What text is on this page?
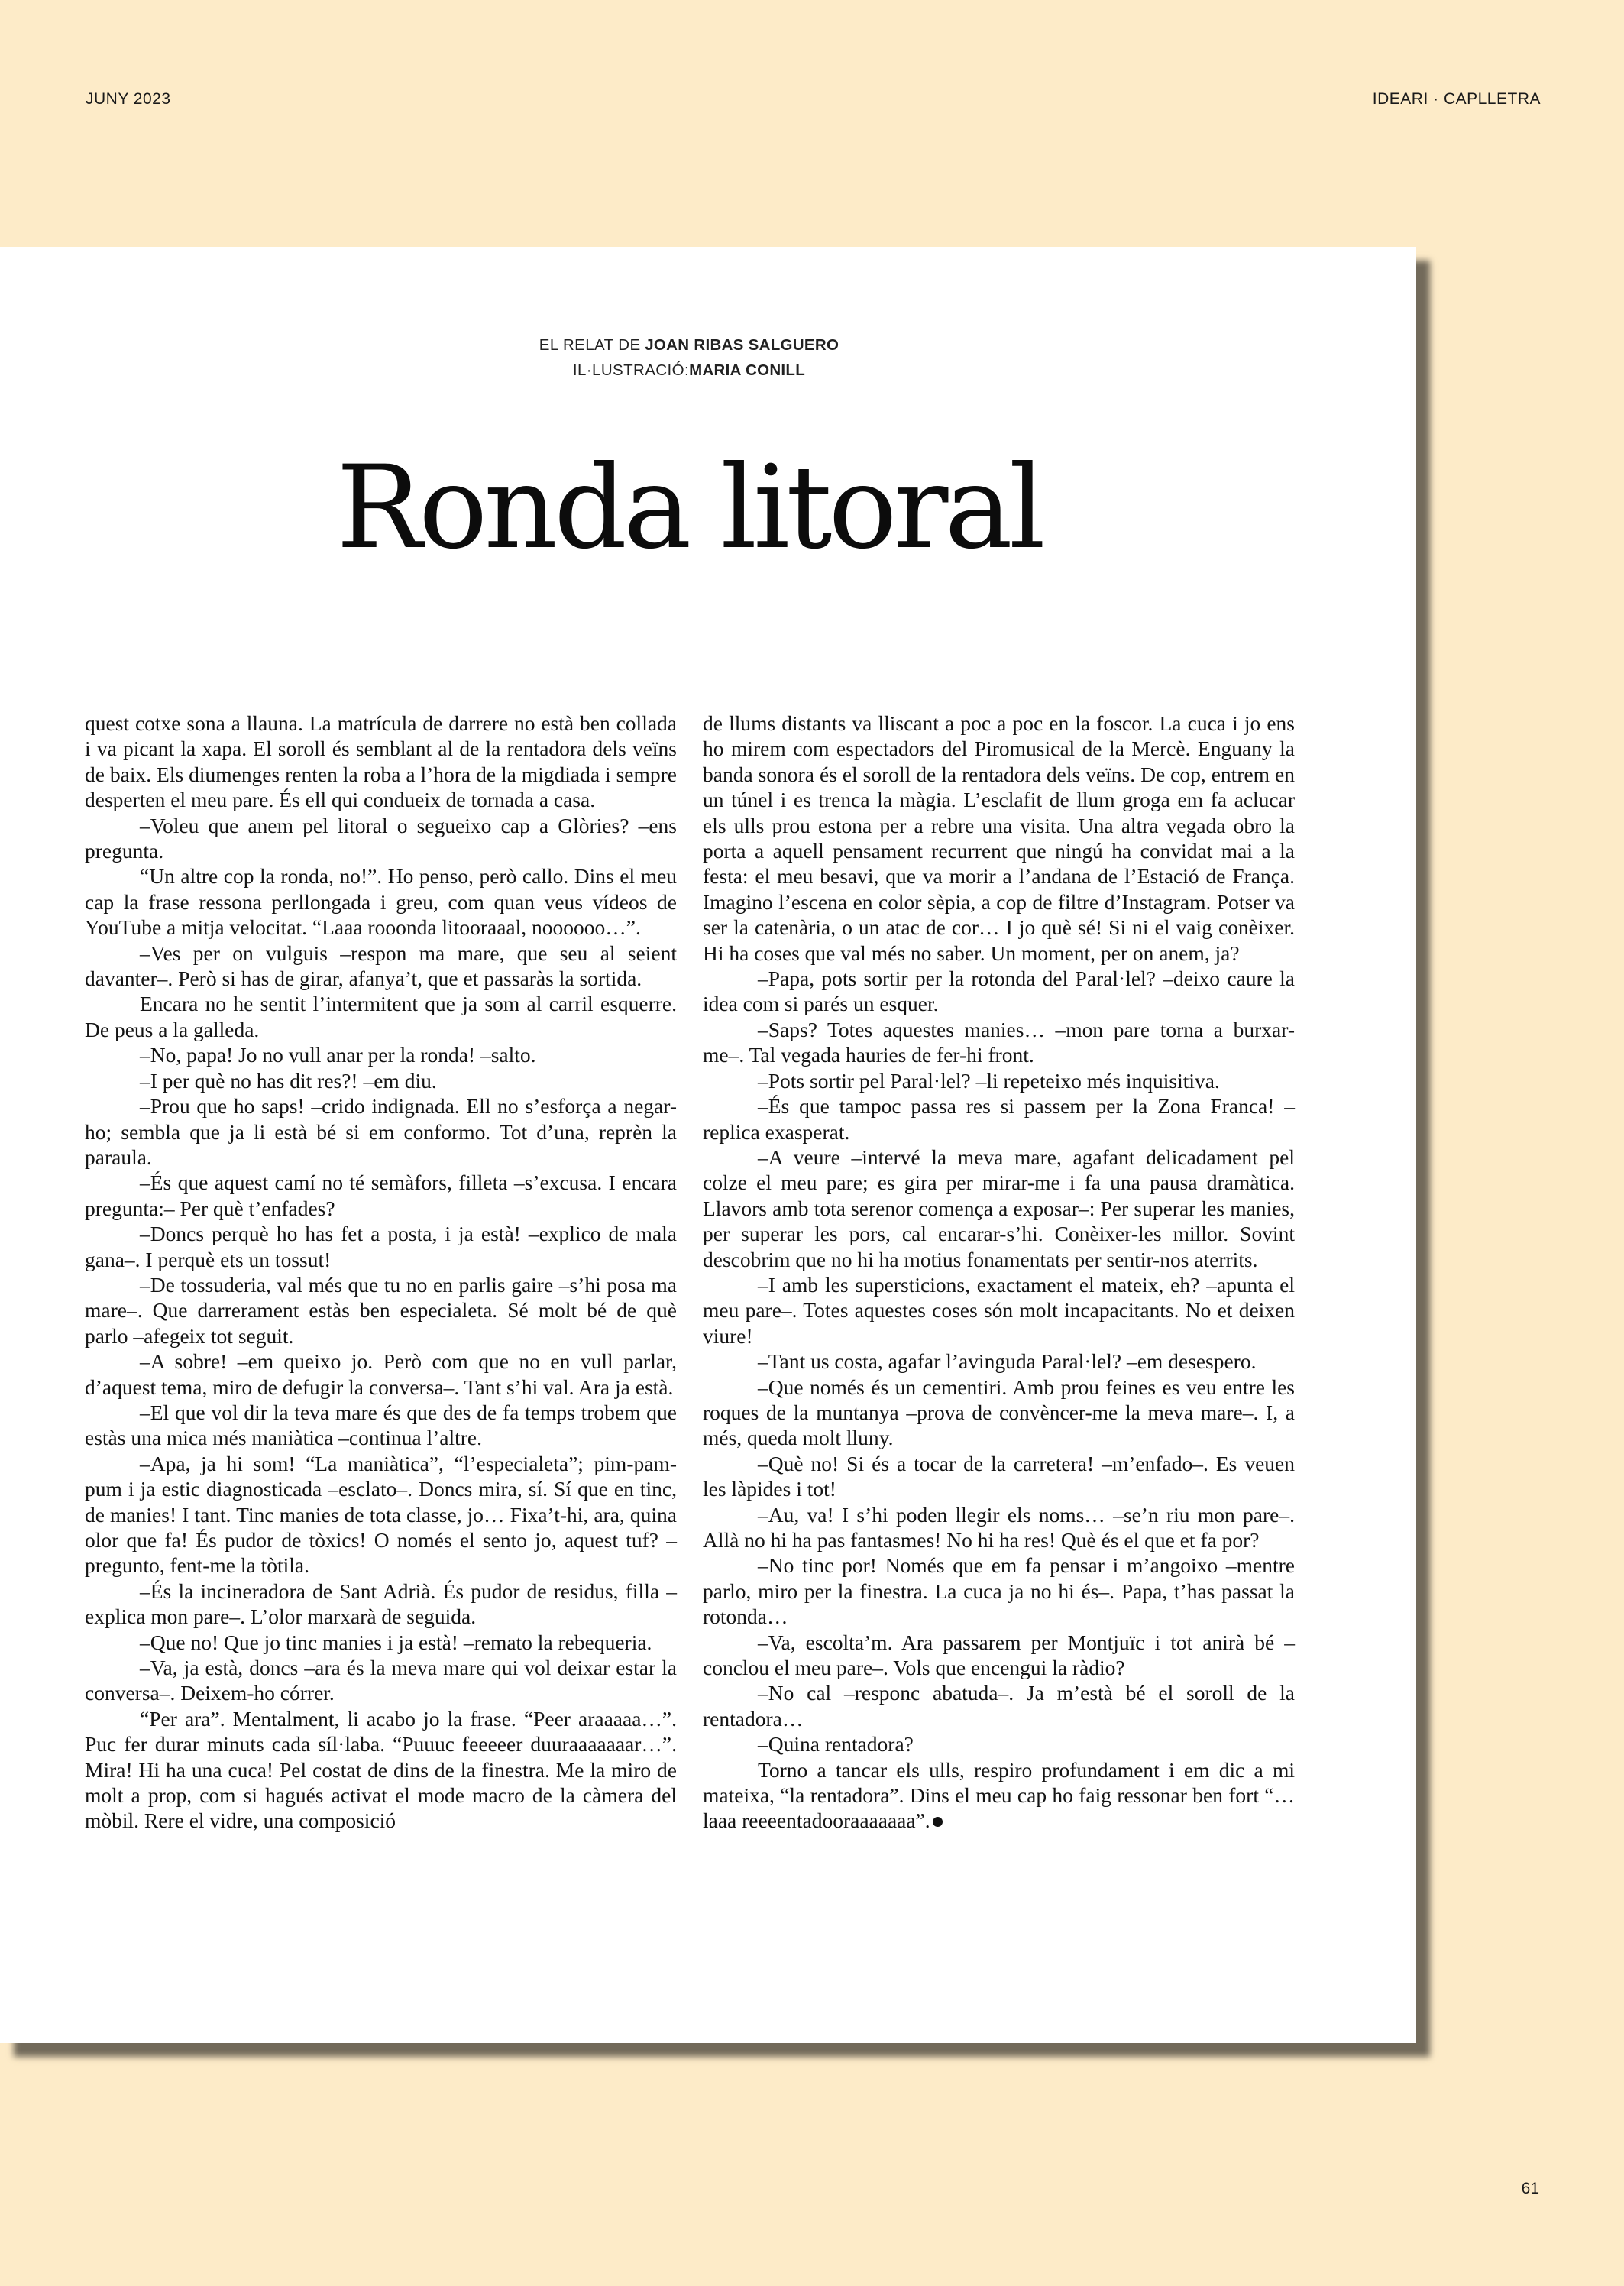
JUNY 2023	IDEARI · CAPLLETRA
EL RELAT DE JOAN RIBAS SALGUERO
IL·LUSTRACIÓ:MARIA CONILL
Ronda litoral

quest cotxe sona a llauna. La matrícula de darrere no està ben collada i va picant la xapa. El soroll és semblant al de la rentadora dels veïns de baix. Els diumenges renten la roba a l’hora de la migdiada i sempre desperten el meu pare. És ell qui condueix de tornada a casa.

–Voleu que anem pel litoral o segueixo cap a Glòries? –ens pregunta.

“Un altre cop la ronda, no!”. Ho penso, però callo. Dins el meu cap la frase ressona perllongada i greu, com quan veus vídeos de YouTube a mitja velocitat. “Laaa rooonda litooraaal, noooooo…”.

–Ves per on vulguis –respon ma mare, que seu al seient davanter–. Però si has de girar, afanya’t, que et passaràs la sortida.

Encara no he sentit l’intermitent que ja som al carril esquerre. De peus a la galleda.

–No, papa! Jo no vull anar per la ronda! –salto.

–I per què no has dit res?! –em diu.

–Prou que ho saps! –crido indignada. Ell no s’esforça a negar-ho; sembla que ja li està bé si em conformo. Tot d’una, reprèn la paraula.

–És que aquest camí no té semàfors, filleta –s’excusa. I encara pregunta:– Per què t’enfades?

–Doncs perquè ho has fet a posta, i ja està! –explico de mala gana–. I perquè ets un tossut!

–De tossuderia, val més que tu no en parlis gaire –s’hi posa ma mare–. Que darrerament estàs ben especialeta. Sé molt bé de què parlo –afegeix tot seguit.

–A sobre! –em queixo jo. Però com que no en vull parlar, d’aquest tema, miro de defugir la conversa–. Tant s’hi val. Ara ja està.

–El que vol dir la teva mare és que des de fa temps trobem que estàs una mica més maniàtica –continua l’altre.

–Apa, ja hi som! “La maniàtica”, “l’especialeta”; pim-pam-pum i ja estic diagnosticada –esclato–. Doncs mira, sí. Sí que en tinc, de manies! I tant. Tinc manies de tota classe, jo… Fixa’t-hi, ara, quina olor que fa! És pudor de tòxics! O només el sento jo, aquest tuf? –pregunto, fent-me la tòtila.

–És la incineradora de Sant Adrià. És pudor de residus, filla –explica mon pare–. L’olor marxarà de seguida.

–Que no! Que jo tinc manies i ja està! –remato la rebequeria.

–Va, ja està, doncs –ara és la meva mare qui vol deixar estar la conversa–. Deixem-ho córrer.

“Per ara”. Mentalment, li acabo jo la frase. “Peer araaaaa…”. Puc fer durar minuts cada síl·laba. “Puuuc feeeeer duuraaaaaaar…”. Mira! Hi ha una cuca! Pel costat de dins de la finestra. Me la miro de molt a prop, com si hagués activat el mode macro de la càmera del mòbil. Rere el vidre, una composició

de llums distants va lliscant a poc a poc en la foscor. La cuca i jo ens ho mirem com espectadors del Piromusical de la Mercè. Enguany la banda sonora és el soroll de la rentadora dels veïns. De cop, entrem en un túnel i es trenca la màgia. L’esclafit de llum groga em fa aclucar els ulls prou estona per a rebre una visita. Una altra vegada obro la porta a aquell pensament recurrent que ningú ha convidat mai a la festa: el meu besavi, que va morir a l’andana de l’Estació de França. Imagino l’escena en color sèpia, a cop de filtre d’Instagram. Potser va ser la catenària, o un atac de cor… I jo què sé! Si ni el vaig conèixer. Hi ha coses que val més no saber. Un moment, per on anem, ja?

–Papa, pots sortir per la rotonda del Paral·lel? –deixo caure la idea com si parés un esquer.

–Saps? Totes aquestes manies… –mon pare torna a burxar-me–. Tal vegada hauries de fer-hi front.

–Pots sortir pel Paral·lel? –li repeteixo més inquisitiva.

–És que tampoc passa res si passem per la Zona Franca! –replica exasperat.

–A veure –intervé la meva mare, agafant delicadament pel colze el meu pare; es gira per mirar-me i fa una pausa dramàtica. Llavors amb tota serenor comença a exposar–: Per superar les manies, per superar les pors, cal encarar-s’hi. Conèixer-les millor. Sovint descobrim que no hi ha motius fonamentats per sentir-nos aterrits.

–I amb les supersticions, exactament el mateix, eh? –apunta el meu pare–. Totes aquestes coses són molt incapacitants. No et deixen viure!

–Tant us costa, agafar l’avinguda Paral·lel? –em desespero.

–Que només és un cementiri. Amb prou feines es veu entre les roques de la muntanya –prova de convèncer-me la meva mare–. I, a més, queda molt lluny.

–Què no! Si és a tocar de la carretera! –m’enfado–. Es veuen les làpides i tot!

–Au, va! I s’hi poden llegir els noms… –se’n riu mon pare–. Allà no hi ha pas fantasmes! No hi ha res! Què és el que et fa por?

–No tinc por! Només que em fa pensar i m’angoixo –mentre parlo, miro per la finestra. La cuca ja no hi és–. Papa, t’has passat la rotonda…

–Va, escolta’m. Ara passarem per Montjuïc i tot anirà bé –conclou el meu pare–. Vols que encengui la ràdio?

–No cal –responc abatuda–. Ja m’està bé el soroll de la rentadora…

–Quina rentadora?

Torno a tancar els ulls, respiro profundament i em dic a mi mateixa, “la rentadora”. Dins el meu cap ho faig ressonar ben fort “… laaa reeeentadooraaaaaaa”.

61
